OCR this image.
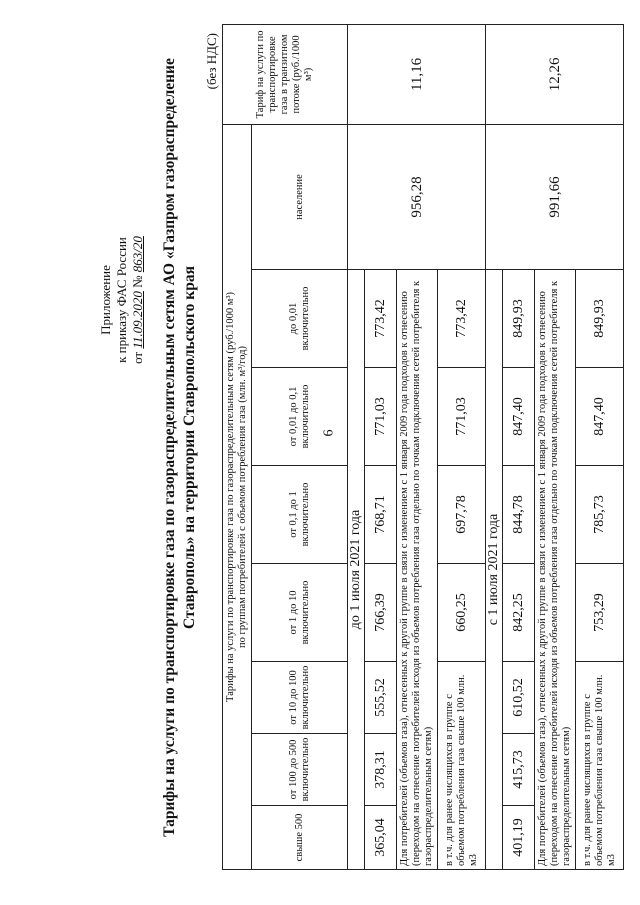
6
Тарифы на услуги по транспортировке газа по газораспределительным сетям АО «Газпром газораспределение Ставрополь» на территории Ставропольского края
(без НДС)
Тарифы на услуги по транспортировке газа по газораспределительным сетям (руб./1000 м³)
по группам потребителей с объемом потребления газа (млн. м³/год)								Тариф на услуги по транспортировке газа в транзитном потоке (руб./1000 м³)
свыше 500	от 100 до 500 включительно	от 10 до 100 включительно	от 1 до 10 включительно	от 0,1 до 1 включительно	от 0,01 до 0,1 включительно	до 0,01 включительно	население	
до 1 июля 2021 года							956,28	11,16
365,04	378,31	555,52	766,39	768,71	771,03	773,42		
Для потребителей (объемов газа), отнесенных к другой группе в связи с изменением с 1 января 2009 года подходов к отнесению (переходом на отнесение потребителей исходя из объемов потребления газа отдельно по точкам подключения сетей потребителя к газораспределительным сетям)								
в т.ч. для ранее числящихся в группе с объемом потребления газа свыше 100 млн. м3			660,25	697,78	771,03	773,42		
с 1 июля 2021 года							991,66	12,26
401,19	415,73	610,52	842,25	844,78	847,40	849,93		
Для потребителей (объемов газа), отнесенных к другой группе в связи с изменением с 1 января 2009 года подходов к отнесению (переходом на отнесение потребителей исходя из объемов потребления газа отдельно по точкам подключения сетей потребителя к газораспределительным сетям)								
в т.ч. для ранее числящихся в группе с объемом потребления газа свыше 100 млн. м3			753,29	785,73	847,40	849,93		
Приложение к приказу ФАС России от 11.09.2020 № 863/20
